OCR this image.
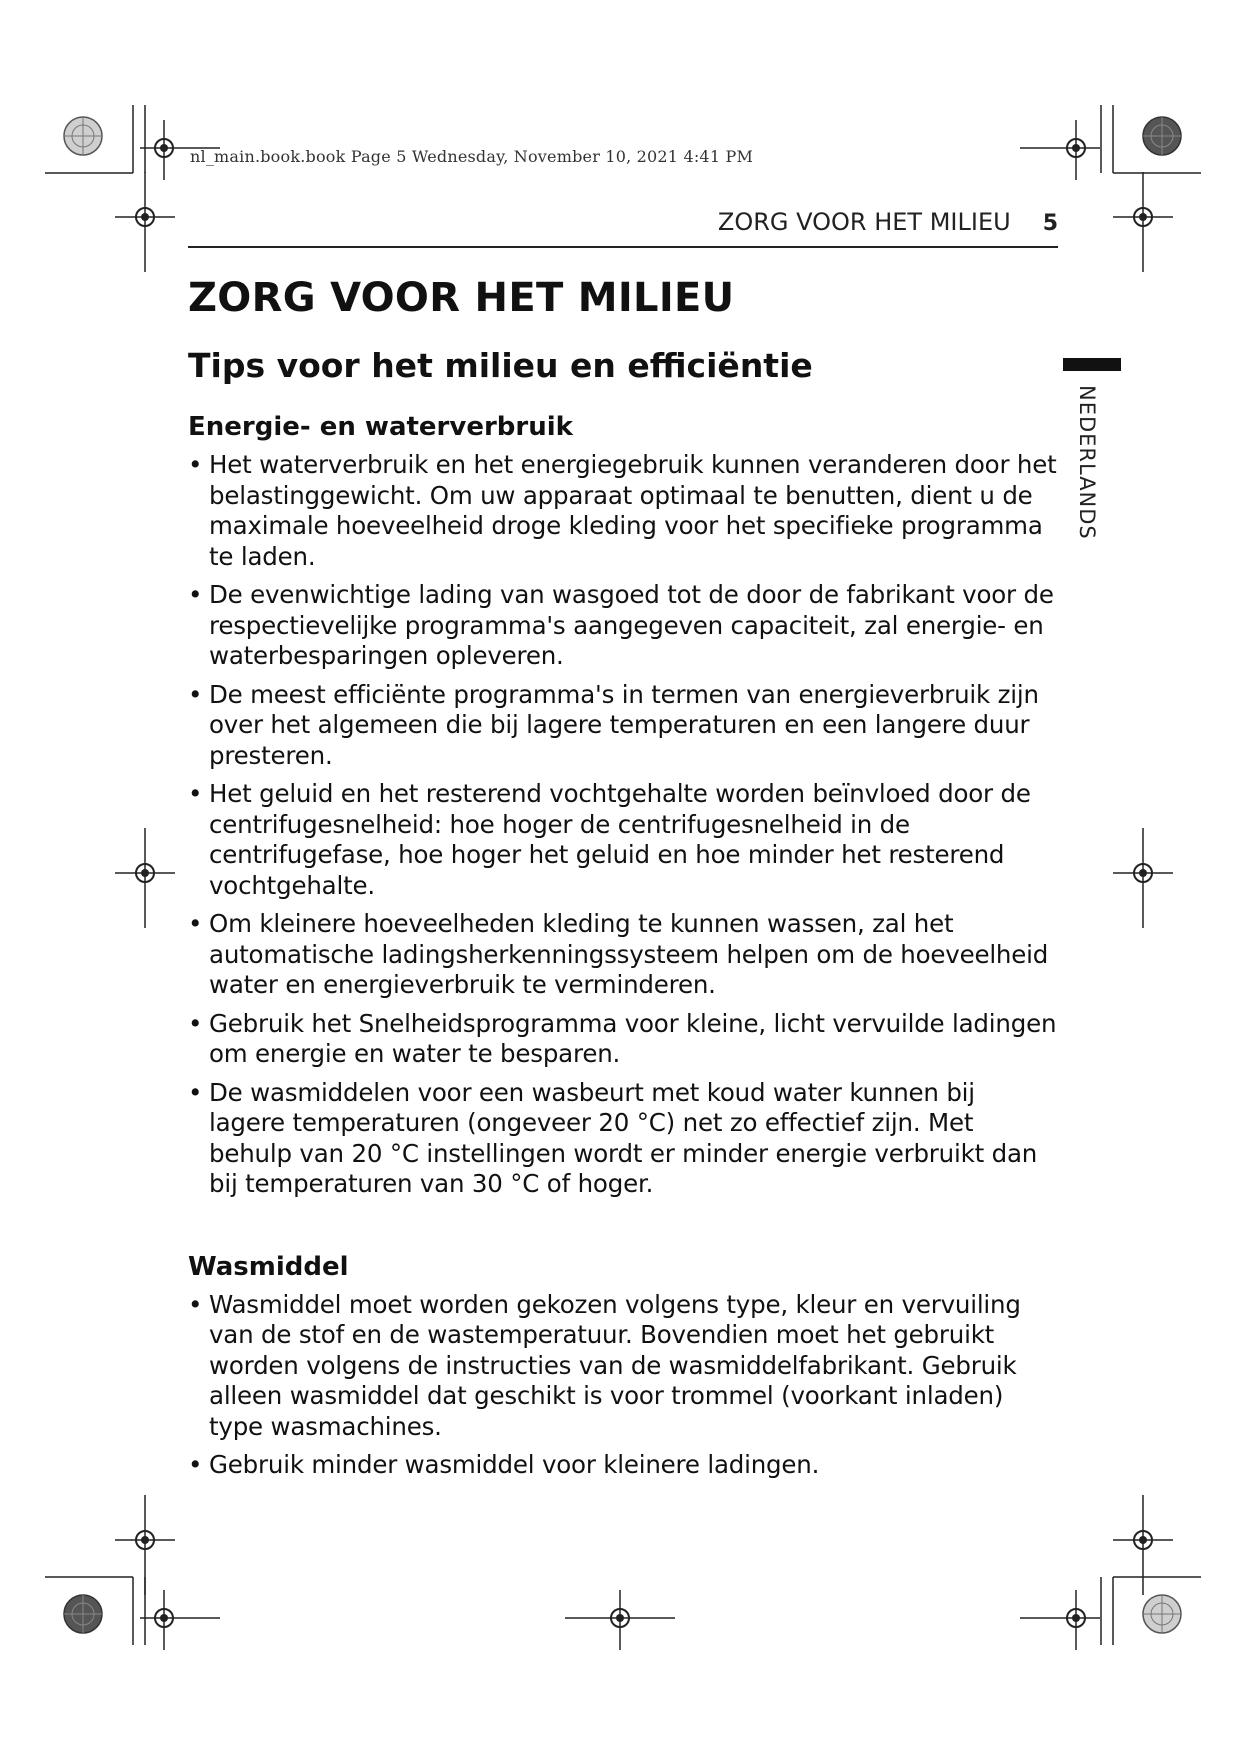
nl_main.book.book Page 5 Wednesday, November 10, 2021 4:41 PM
ZORG VOOR HET MILIEU 5
NEDERLANDS
ZORG VOOR HET MILIEU
Tips voor het milieu en efficiëntie
Energie- en waterverbruik
• Het waterverbruik en het energiegebruik kunnen veranderen door het belastinggewicht. Om uw apparaat optimaal te benutten, dient u de maximale hoeveelheid droge kleding voor het specifieke programma te laden.
• De evenwichtige lading van wasgoed tot de door de fabrikant voor de respectievelijke programma's aangegeven capaciteit, zal energie- en waterbesparingen opleveren.
• De meest efficiënte programma's in termen van energieverbruik zijn over het algemeen die bij lagere temperaturen en een langere duur presteren.
• Het geluid en het resterend vochtgehalte worden beïnvloed door de centrifugesnelheid: hoe hoger de centrifugesnelheid in de centrifugefase, hoe hoger het geluid en hoe minder het resterend vochtgehalte.
• Om kleinere hoeveelheden kleding te kunnen wassen, zal het automatische ladingsherkenningssysteem helpen om de hoeveelheid water en energieverbruik te verminderen.
• Gebruik het Snelheidsprogramma voor kleine, licht vervuilde ladingen om energie en water te besparen.
• De wasmiddelen voor een wasbeurt met koud water kunnen bij lagere temperaturen (ongeveer 20 °C) net zo effectief zijn. Met behulp van 20 °C instellingen wordt er minder energie verbruikt dan bij temperaturen van 30 °C of hoger.
Wasmiddel
• Wasmiddel moet worden gekozen volgens type, kleur en vervuiling van de stof en de wastemperatuur. Bovendien moet het gebruikt worden volgens de instructies van de wasmiddelfabrikant. Gebruik alleen wasmiddel dat geschikt is voor trommel (voorkant inladen) type wasmachines.
• Gebruik minder wasmiddel voor kleinere ladingen.
